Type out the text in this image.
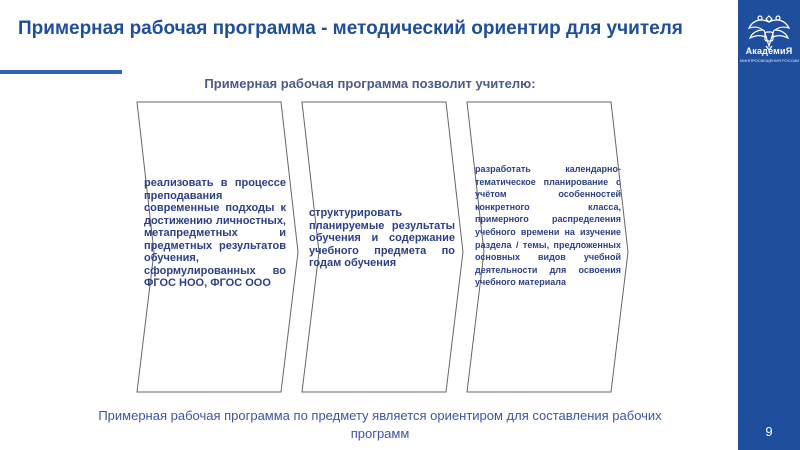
Примерная рабочая программа - методический ориентир для учителя
Примерная рабочая программа позволит учителю:
реализовать в процессе преподавания современные подходы к достижению личностных, метапредметных и предметных результатов обучения, сформулированных во ФГОС НОО, ФГОС ООО
структурировать планируемые результаты обучения и содержание учебного предмета по годам обучения
разработать календарно-тематическое планирование с учётом особенностей конкретного класса, примерного распределения учебного времени на изучение раздела / темы, предложенных основных видов учебной деятельности для освоения учебного материала
Примерная рабочая программа по предмету является ориентиром для составления рабочих программ
АкадемиЯ
МИНПРОСВЕЩЕНИЯ РОССИИ
9
